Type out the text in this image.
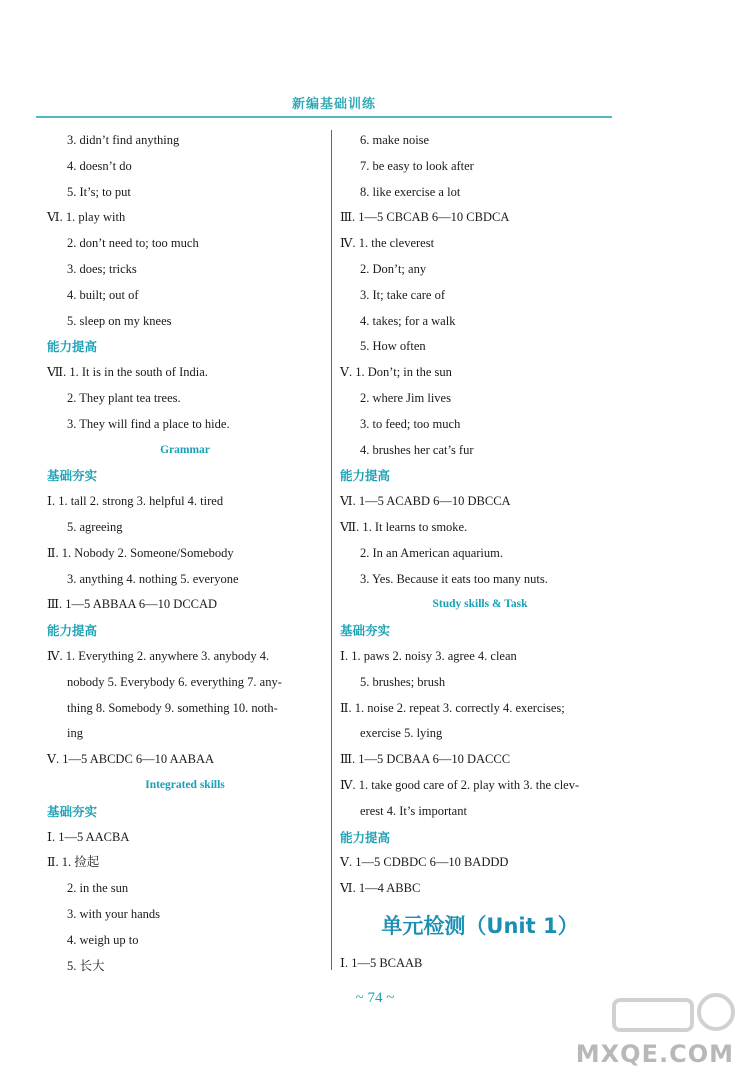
新编基础训练
3. didn’t find anything
4. doesn’t do
5. It’s; to put
Ⅵ. 1. play with
2. don’t need to; too much
3. does; tricks
4. built; out of
5. sleep on my knees
能力提高
Ⅶ. 1. It is in the south of India.
2. They plant tea trees.
3. They will find a place to hide.
Grammar
基础夯实
Ⅰ. 1. tall 2. strong 3. helpful 4. tired
5. agreeing
Ⅱ. 1. Nobody 2. Someone/Somebody
3. anything 4. nothing 5. everyone
Ⅲ. 1—5 ABBAA 6—10 DCCAD
能力提高
Ⅳ. 1. Everything 2. anywhere 3. anybody 4.
nobody 5. Everybody 6. everything 7. any-
thing 8. Somebody 9. something 10. noth-
ing
Ⅴ. 1—5 ABCDC 6—10 AABAA
Integrated skills
基础夯实
Ⅰ. 1—5 AACBA
Ⅱ. 1. 捡起
2. in the sun
3. with your hands
4. weigh up to
5. 长大
6. make noise
7. be easy to look after
8. like exercise a lot
Ⅲ. 1—5 CBCAB 6—10 CBDCA
Ⅳ. 1. the cleverest
2. Don’t; any
3. It; take care of
4. takes; for a walk
5. How often
Ⅴ. 1. Don’t; in the sun
2. where Jim lives
3. to feed; too much
4. brushes her cat’s fur
能力提高
Ⅵ. 1—5 ACABD 6—10 DBCCA
Ⅶ. 1. It learns to smoke.
2. In an American aquarium.
3. Yes. Because it eats too many nuts.
Study skills & Task
基础夯实
Ⅰ. 1. paws 2. noisy 3. agree 4. clean
5. brushes; brush
Ⅱ. 1. noise 2. repeat 3. correctly 4. exercises;
exercise 5. lying
Ⅲ. 1—5 DCBAA 6—10 DACCC
Ⅳ. 1. take good care of 2. play with 3. the clev-
erest 4. It’s important
能力提高
Ⅴ. 1—5 CDBDC 6—10 BADDD
Ⅵ. 1—4 ABBC
单元检测（Unit 1）
Ⅰ. 1—5 BCAAB
~ 74 ~
MXQE.COM
